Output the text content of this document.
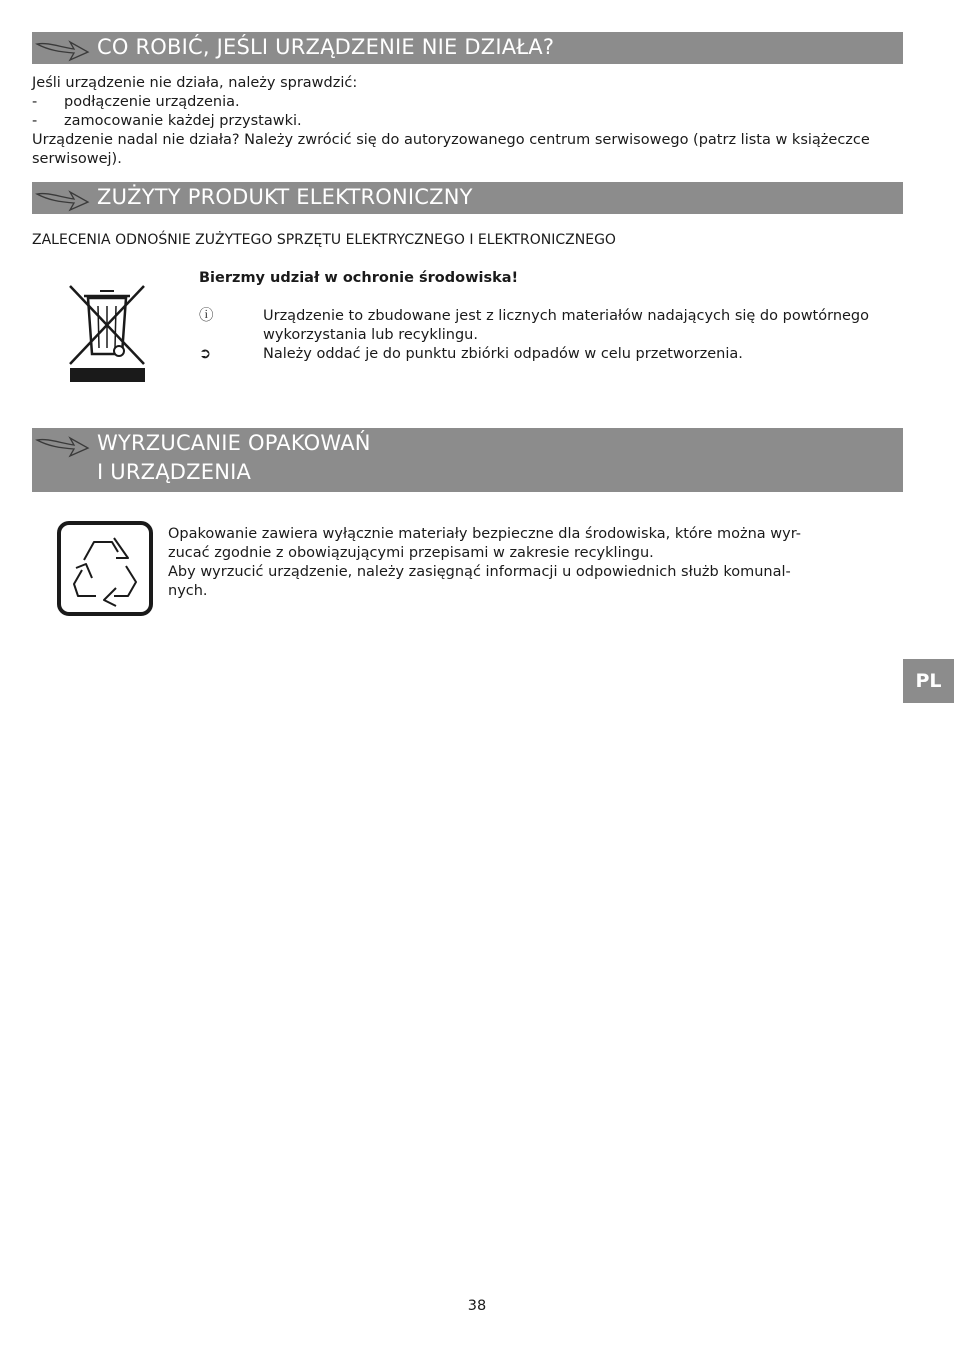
CO ROBIĆ, JEŚLI URZĄDZENIE NIE DZIAŁA?
Jeśli urządzenie nie działa, należy sprawdzić:
- podłączenie urządzenia.
- zamocowanie każdej przystawki.
Urządzenie nadal nie działa? Należy zwrócić się do autoryzowanego centrum serwisowego (patrz lista w książeczce
serwisowej).
ZUŻYTY PRODUKT ELEKTRONICZNY
ZALECENIA ODNOŚNIE ZUŻYTEGO SPRZĘTU ELEKTRYCZNEGO I ELEKTRONICZNEGO
Bierzmy udział w ochronie środowiska!
ⓘ	Urządzenie to zbudowane jest z licznych materiałów nadających się do powtórnego
wykorzystania lub recyklingu.
➲	Należy oddać je do punktu zbiórki odpadów w celu przetworzenia.
WYRZUCANIE OPAKOWAŃ
I URZĄDZENIA
Opakowanie zawiera wyłącznie materiały bezpieczne dla środowiska, które można wyr-
zucać zgodnie z obowiązującymi przepisami w zakresie recyklingu.
Aby wyrzucić urządzenie, należy zasięgnąć informacji u odpowiednich służb komunal-
nych.
PL
38
